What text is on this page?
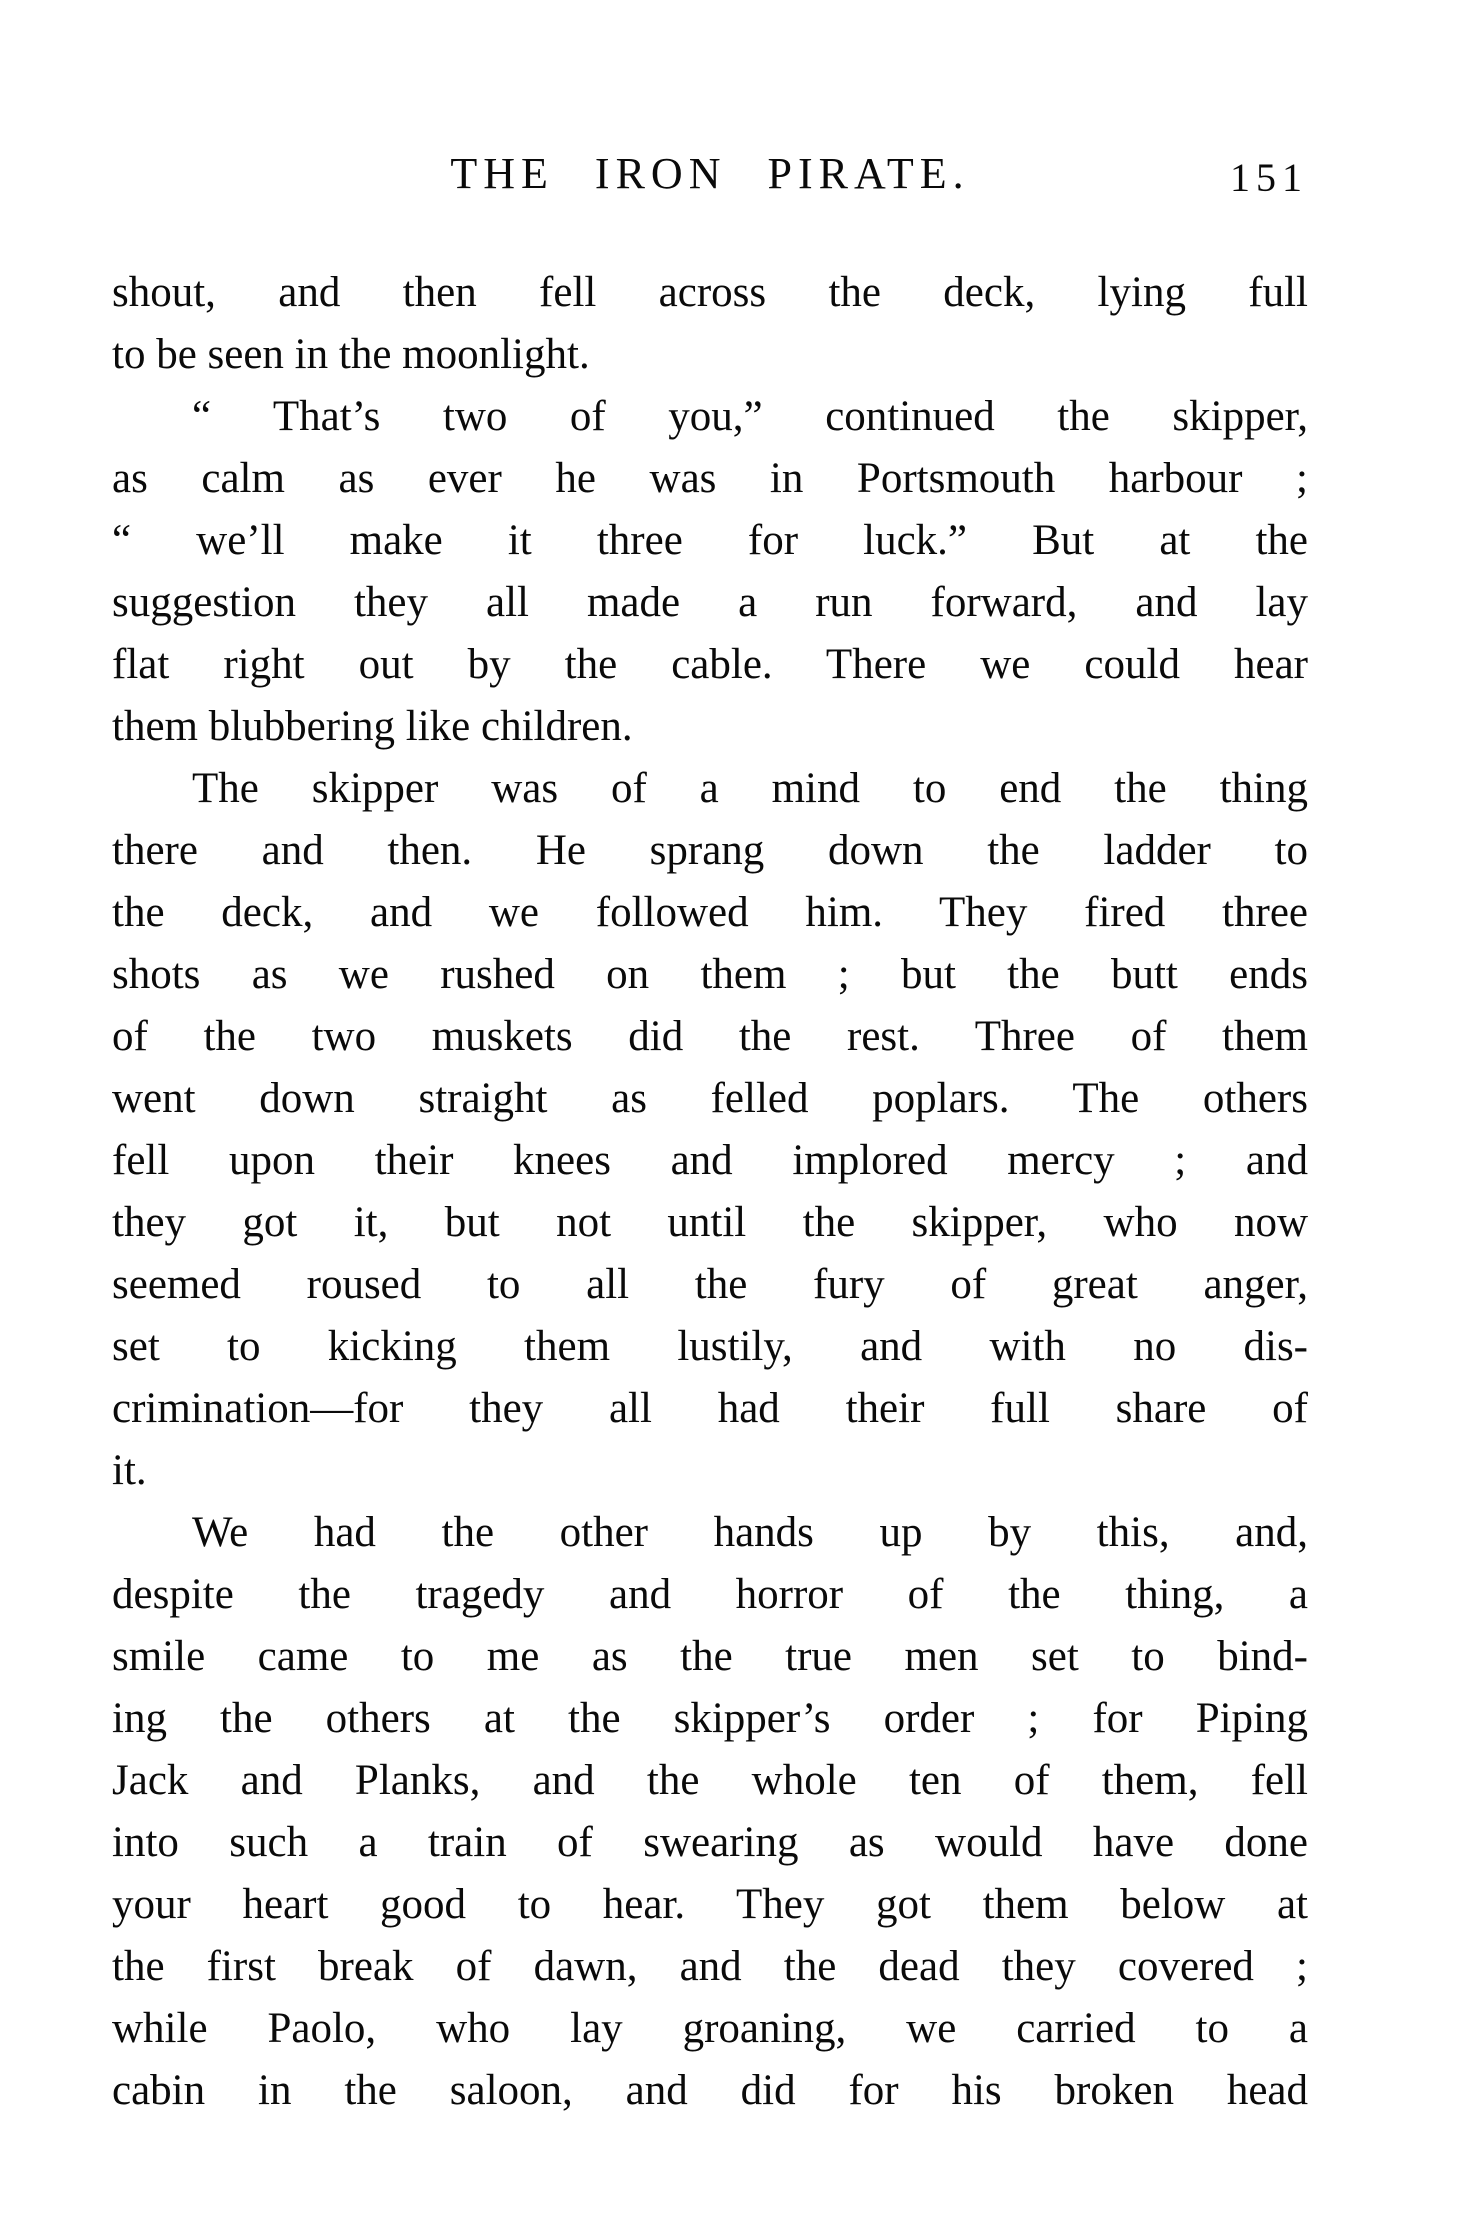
THE IRON PIRATE.	151
shout, and then fell across the deck, lying full
to be seen in the moonlight.
“ That’s two of you,” continued the skipper,
as calm as ever he was in Portsmouth harbour ;
“ we’ll make it three for luck.” But at the
suggestion they all made a run forward, and lay
flat right out by the cable. There we could hear
them blubbering like children.
The skipper was of a mind to end the thing
there and then. He sprang down the ladder to
the deck, and we followed him. They fired three
shots as we rushed on them ; but the butt ends
of the two muskets did the rest. Three of them
went down straight as felled poplars. The others
fell upon their knees and implored mercy ; and
they got it, but not until the skipper, who now
seemed roused to all the fury of great anger,
set to kicking them lustily, and with no dis-
crimination—for they all had their full share of
it.
We had the other hands up by this, and,
despite the tragedy and horror of the thing, a
smile came to me as the true men set to bind-
ing the others at the skipper’s order ; for Piping
Jack and Planks, and the whole ten of them, fell
into such a train of swearing as would have done
your heart good to hear. They got them below at
the first break of dawn, and the dead they covered ;
while Paolo, who lay groaning, we carried to a
cabin in the saloon, and did for his broken head
